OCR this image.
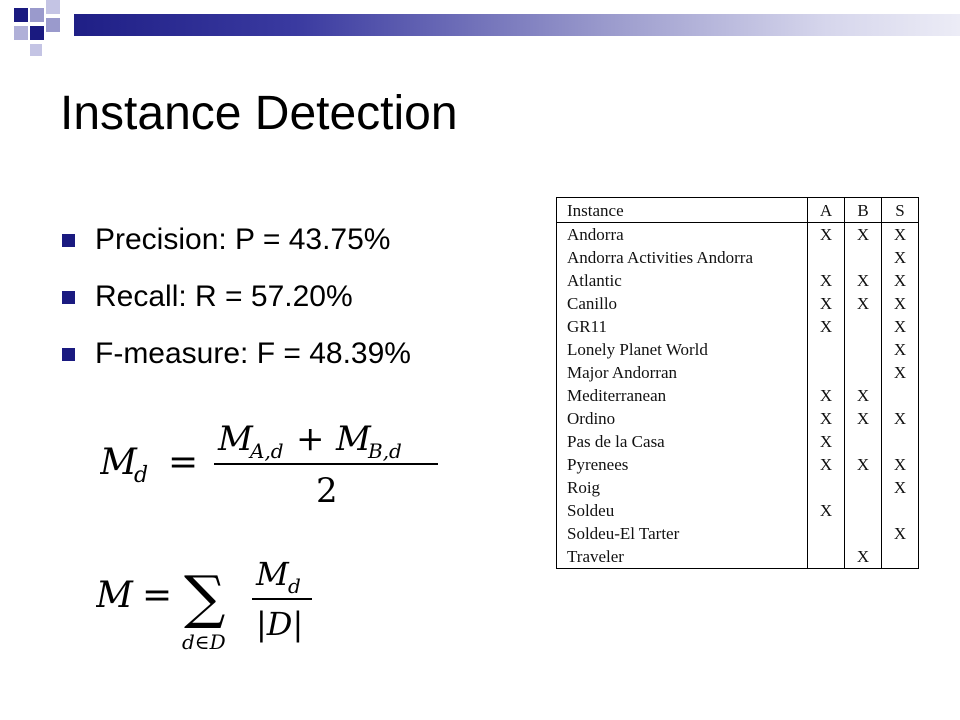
Instance Detection
Precision: P = 43.75%
Recall: R = 57.20%
F-measure: F = 48.39%
M
d =
M
A,d + M
B,d
2
M = ∑
d∈D
M d
|D|
Instance	A	B	S
Andorra	X	X	X
Andorra Activities Andorra			X
Atlantic	X	X	X
Canillo	X	X	X
GR11	X		X
Lonely Planet World			X
Major Andorran			X
Mediterranean	X	X	
Ordino	X	X	X
Pas de la Casa	X		
Pyrenees	X	X	X
Roig			X
Soldeu	X		
Soldeu-El Tarter			X
Traveler		X	
